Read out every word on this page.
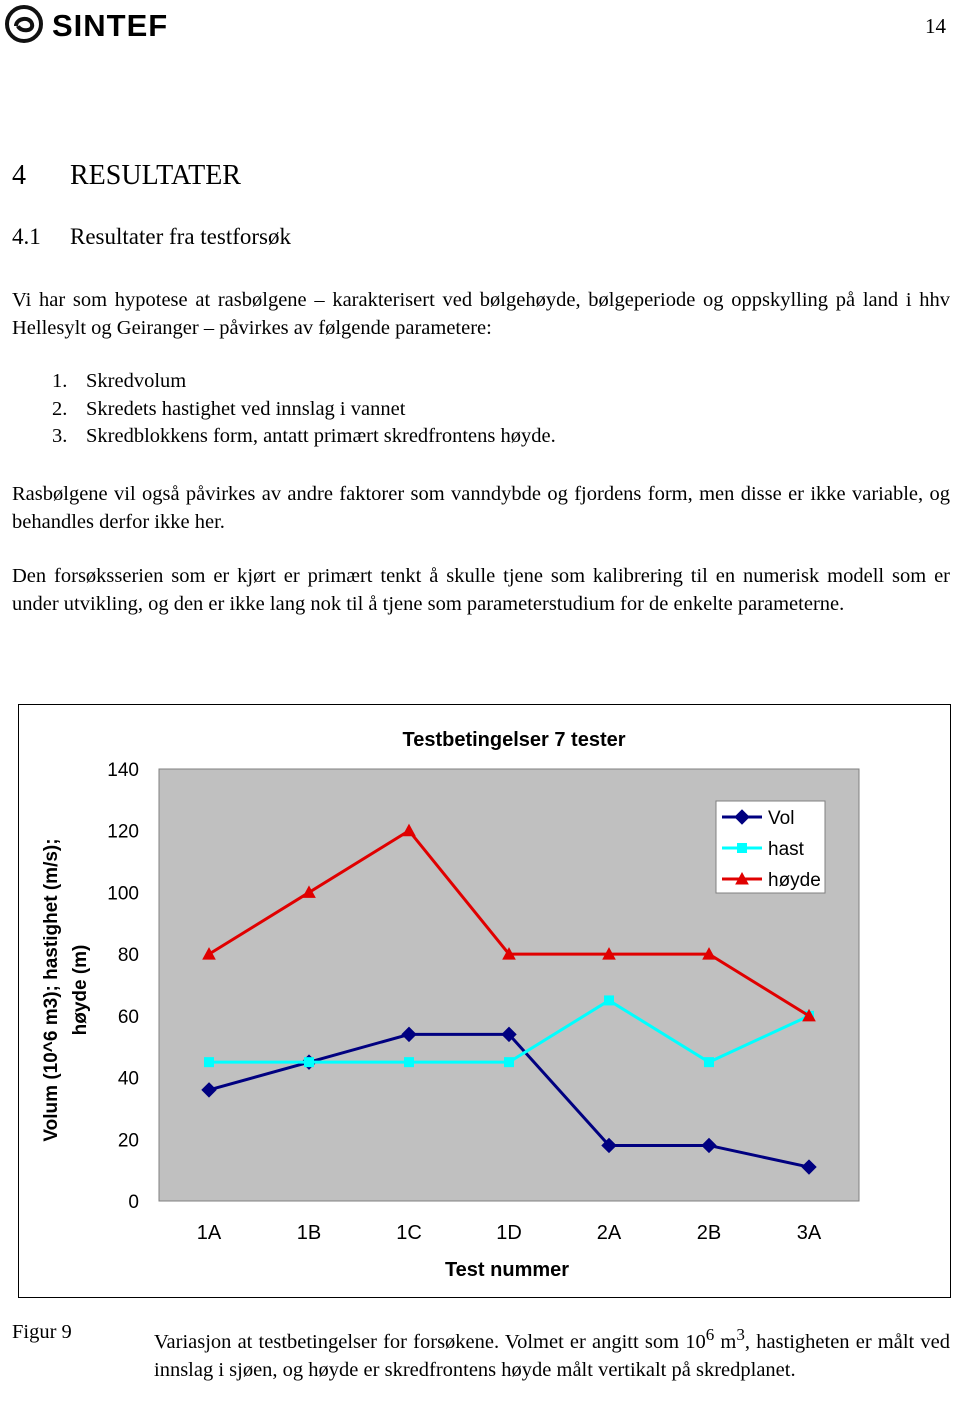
SINTEF	14
4 RESULTATER
4.1 Resultater fra testforsøk
Vi har som hypotese at rasbølgene – karakterisert ved bølgehøyde, bølgeperiode og oppskylling på land i hhv Hellesylt og Geiranger – påvirkes av følgende parametere:
1. Skredvolum
2. Skredets hastighet ved innslag i vannet
3. Skredblokkens form, antatt primært skredfrontens høyde.
Rasbølgene vil også påvirkes av andre faktorer som vanndybde og fjordens form, men disse er ikke variable, og behandles derfor ikke her.
Den forsøksserien som er kjørt er primært tenkt å skulle tjene som kalibrering til en numerisk modell som er under utvikling, og den er ikke lang nok til å tjene som parameterstudium for de enkelte parameterne.
Testbetingelser 7 tester
0
20
40
60
80
100
120
140
1A	1B	1C	1D	2A	2B	3A
Test nummer
Volum (10^6 m3); hastighet (m/s); høyde (m)
Vol
hast
høyde
Figur 9	Variasjon at testbetingelser for forsøkene. Volmet er angitt som $10^6$ $m^3$, hastigheten er målt ved innslag i sjøen, og høyde er skredfrontens høyde målt vertikalt på skredplanet.
